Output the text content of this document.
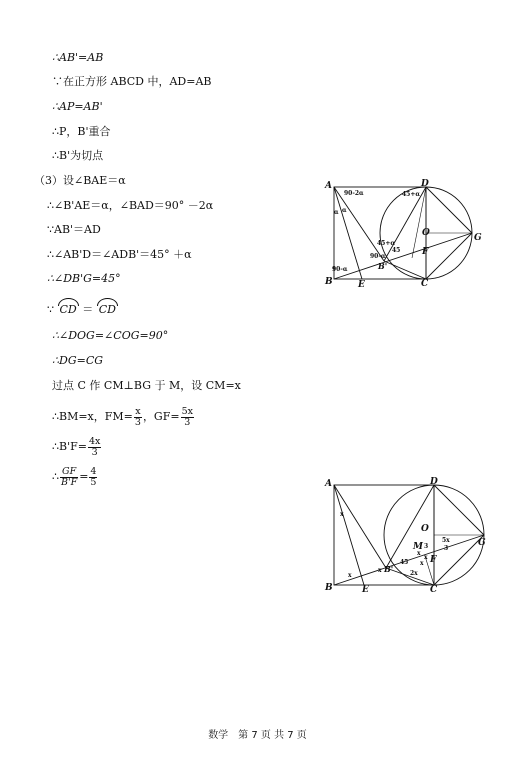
∴AB'=AB
∵在正方形 ABCD 中，AD=AB
∴AP=AB'
∴P，B'重合
∴B'为切点
（3）设∠BAE＝α
∴∠B'AE＝α，∠BAD＝90° －2α
∵AB'＝AD
∴∠AB'D＝∠ADB'＝45° ＋α
∴∠DB'G=45°
∵ CD ＝ CD
∴∠DOG=∠COG=90°
∴DG=CG
过点 C 作 CM⊥BG 于 M，设 CM=x
∴BM=x，$FM= \frac{x}{3}$ ，$GF= \frac{5x}{3}$
∴B'F= $\frac{4x}{3}$
∴ $\frac{GF}{B'F} = \frac{4}{5}$
A
B	C
D
E
O
F
G
B'
90-2α
α α
45+α
45+α
45
90-α
90-α
A
B	C
D
E
O
F
G
M
B'
x
x
x
x
x
x
2x
5x
3
3
45
数学　第 7 页 共 7 页
